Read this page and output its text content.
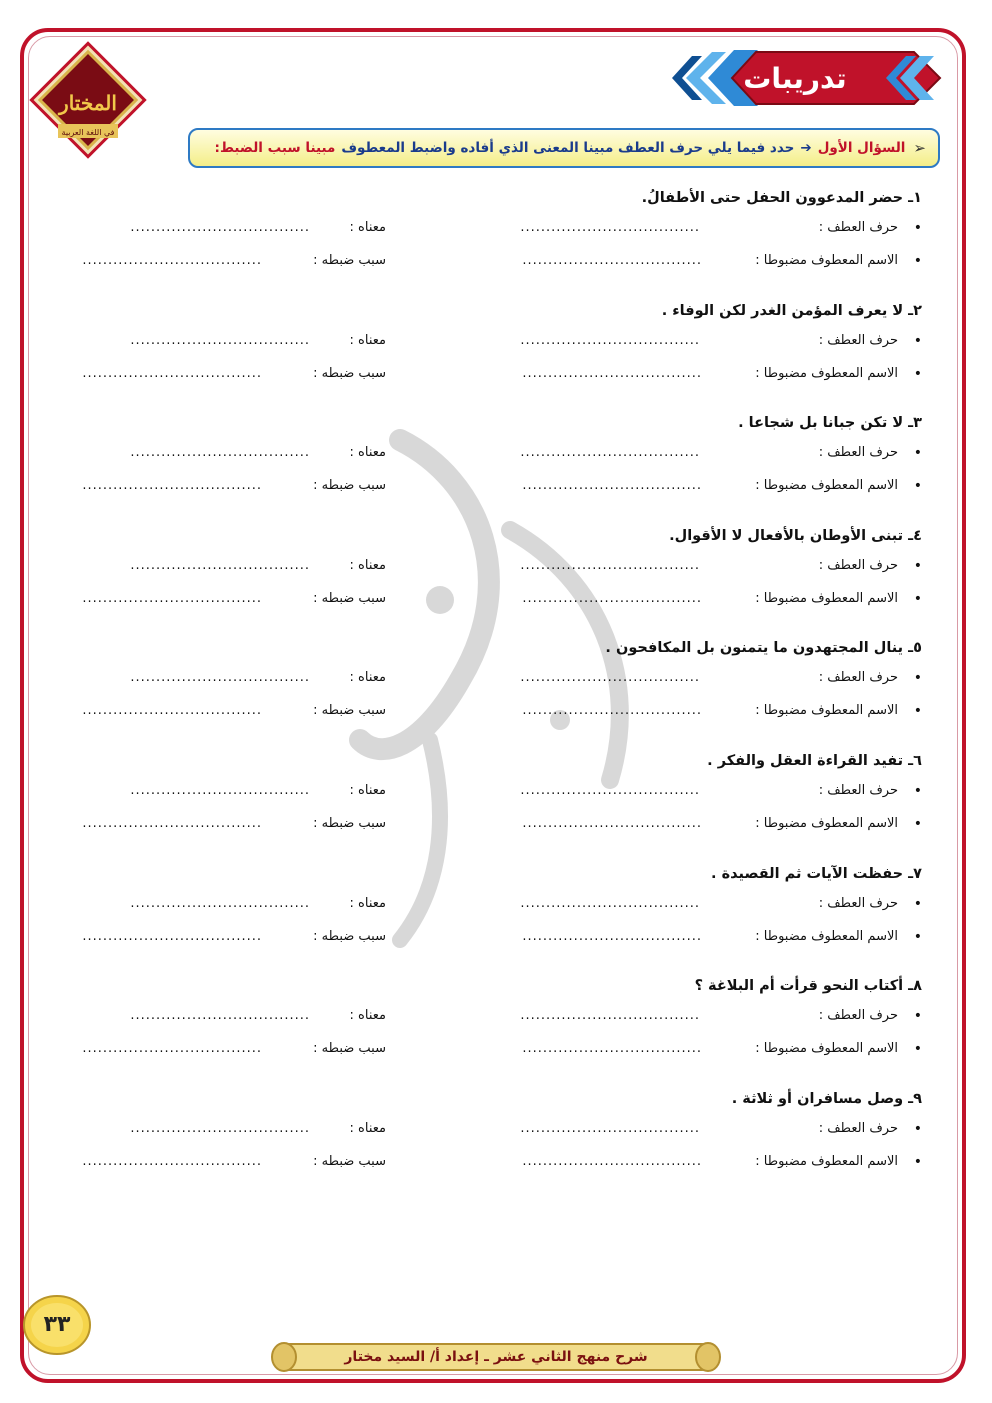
المختار
في اللغة العربية
تدريبات
➢
السؤال الأول
➔
حدد فيما يلي حرف العطف مبينا المعنى الذي أفاده واضبط المعطوف
مبينا سبب الضبط:
١ـ حضر المدعوون الحفل حتى الأطفالُ.
•
حرف العطف :
...................................
معناه :
...................................
•
الاسم المعطوف مضبوطا :
...................................
سبب ضبطه :
...................................
٢ـ لا يعرف المؤمن الغدر لكن الوفاء .
•
حرف العطف :
...................................
معناه :
...................................
•
الاسم المعطوف مضبوطا :
...................................
سبب ضبطه :
...................................
٣ـ لا تكن جبانا بل شجاعا .
•
حرف العطف :
...................................
معناه :
...................................
•
الاسم المعطوف مضبوطا :
...................................
سبب ضبطه :
...................................
٤ـ تبنى الأوطان بالأفعال لا الأقوال.
•
حرف العطف :
...................................
معناه :
...................................
•
الاسم المعطوف مضبوطا :
...................................
سبب ضبطه :
...................................
٥ـ ينال المجتهدون ما يتمنون بل المكافحون .
•
حرف العطف :
...................................
معناه :
...................................
•
الاسم المعطوف مضبوطا :
...................................
سبب ضبطه :
...................................
٦ـ تفيد القراءة العقل والفكر .
•
حرف العطف :
...................................
معناه :
...................................
•
الاسم المعطوف مضبوطا :
...................................
سبب ضبطه :
...................................
٧ـ حفظت الآيات ثم القصيدة .
•
حرف العطف :
...................................
معناه :
...................................
•
الاسم المعطوف مضبوطا :
...................................
سبب ضبطه :
...................................
٨ـ أكتاب النحو قرأت أم البلاغة ؟
•
حرف العطف :
...................................
معناه :
...................................
•
الاسم المعطوف مضبوطا :
...................................
سبب ضبطه :
...................................
٩ـ وصل مسافران أو ثلاثة .
•
حرف العطف :
...................................
معناه :
...................................
•
الاسم المعطوف مضبوطا :
...................................
سبب ضبطه :
...................................
٣٣
شرح منهج الثاني عشر ـ إعداد أ/ السيد مختار
